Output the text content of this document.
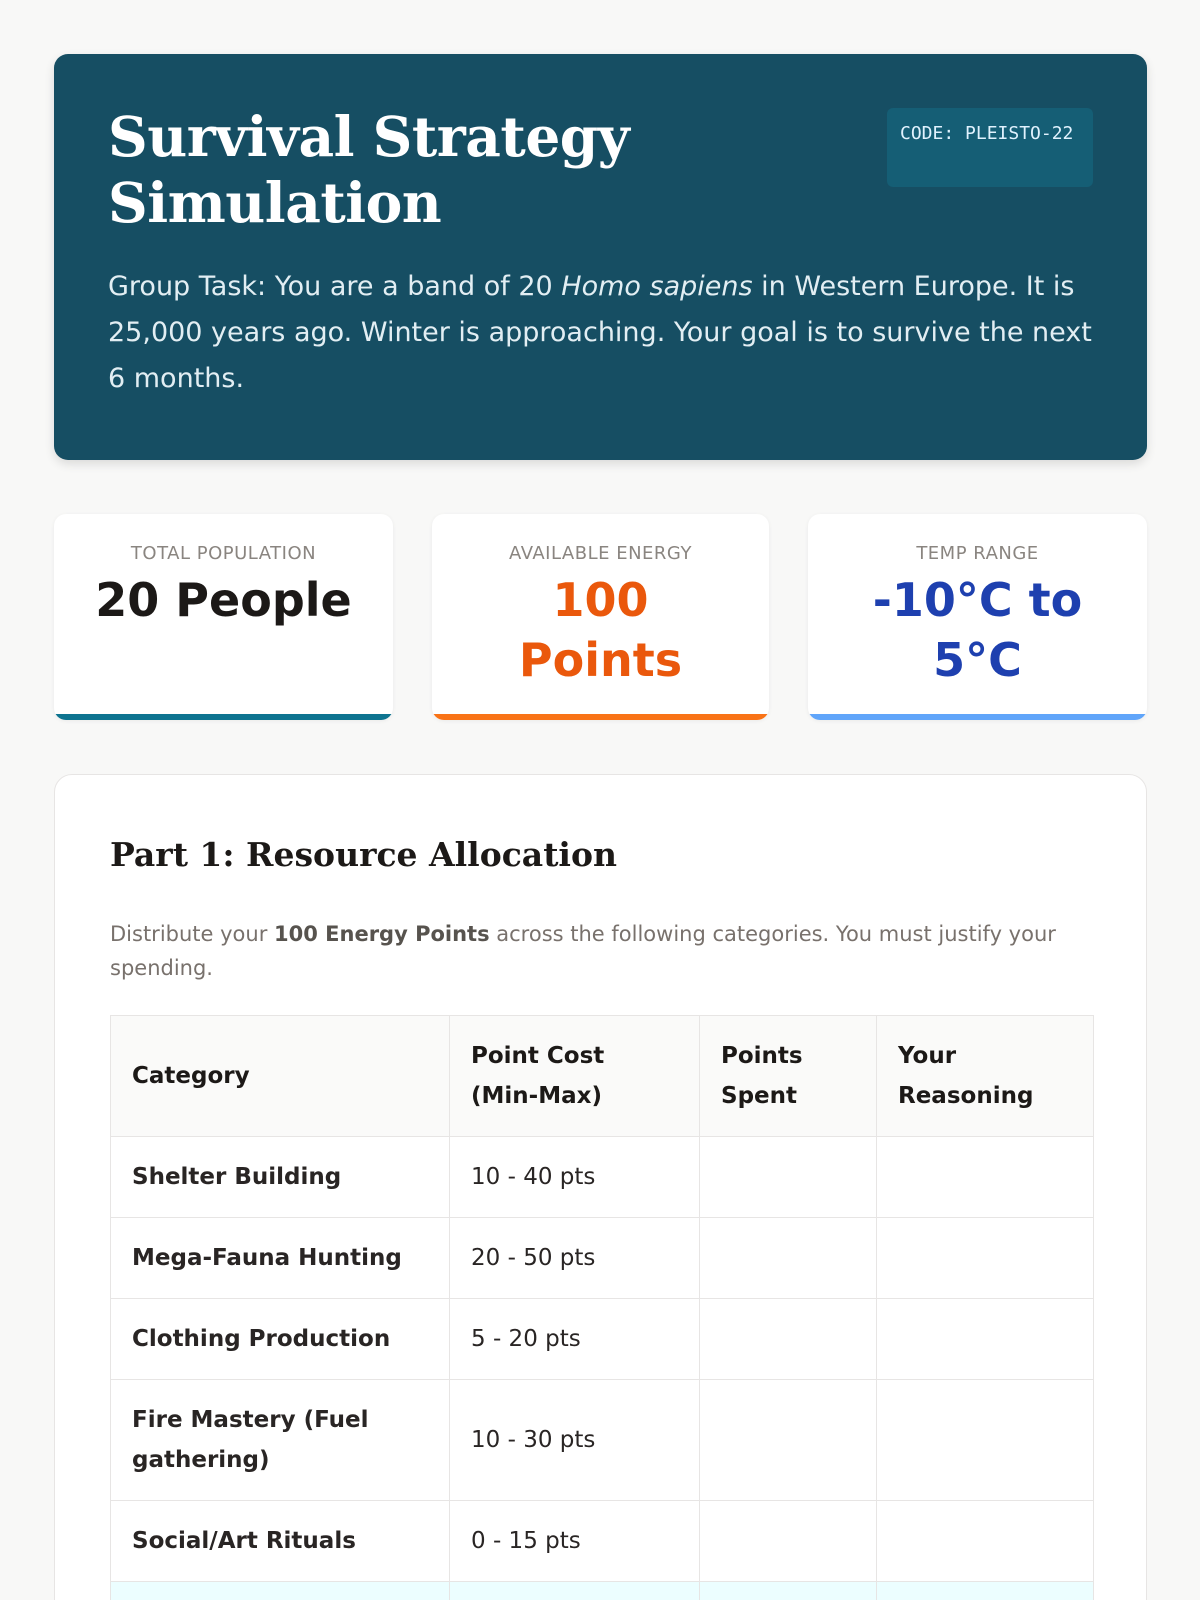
Survival Strategy Simulation
CODE: PLEISTO-22

Group Task: You are a band of 20 Homo sapiens in Western Europe. It is 25,000 years ago. Winter is approaching. Your goal is to survive the next 6 months.

TOTAL POPULATION
20 People
AVAILABLE ENERGY
100 Points
TEMP RANGE
-10°C to 5°C
Part 1: Resource Allocation

Distribute your 100 Energy Points across the following categories. You must justify your spending.

Category	Point Cost (Min-Max)	Points Spent	Your Reasoning
Shelter Building	10 - 40 pts		
Mega-Fauna Hunting	20 - 50 pts		
Clothing Production	5 - 20 pts		
Fire Mastery (Fuel gathering)	10 - 30 pts		
Social/Art Rituals	0 - 15 pts		
